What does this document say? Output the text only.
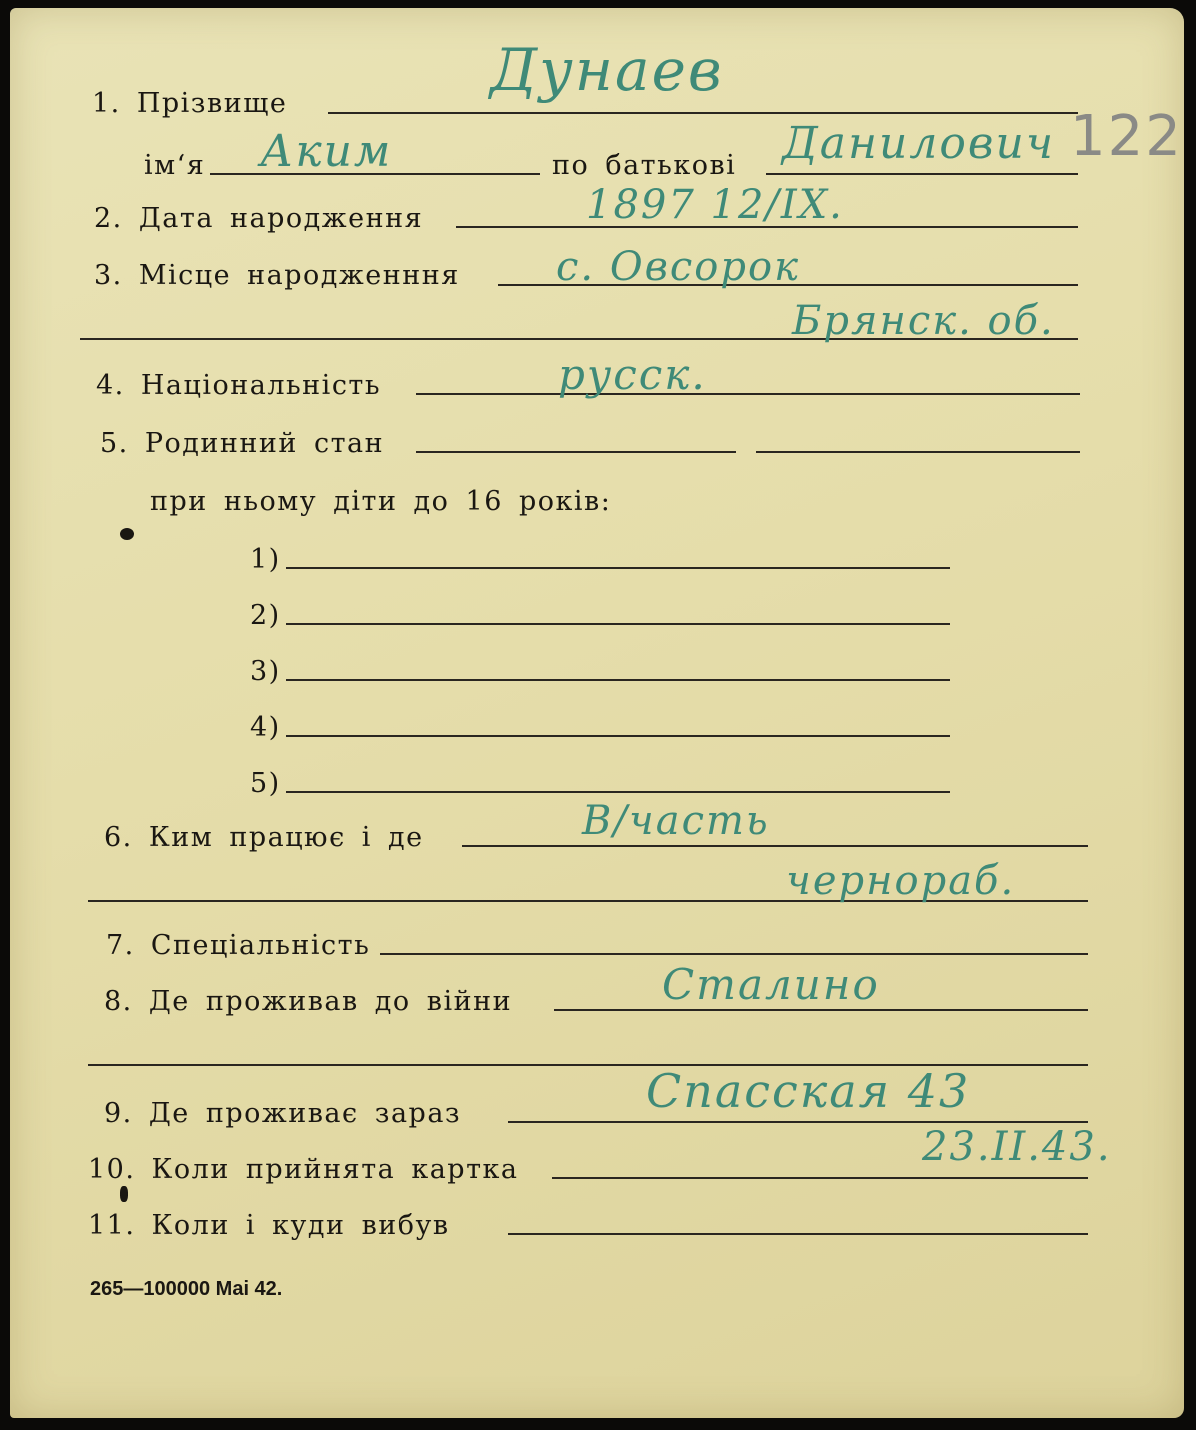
1. Прізвище	Дунаев
ім‘я Аким	по батькові Данилович 122
2. Дата народження	1897 12/IX.
3. Місце народженння с. Овсорок
Брянск. об.
4. Національність	русск.
5. Родинний стан
при ньому діти до 16 років:
1)
2)
3)
4)
5)
6. Ким працює і де	В/часть
чернораб.
7. Спеціальність
8. Де проживав до війни	Сталино
9. Де проживає зараз	Спасская 43
10. Коли прийнята картка	23.II.43.
11. Коли і куди вибув
265—100000 Mai 42.
